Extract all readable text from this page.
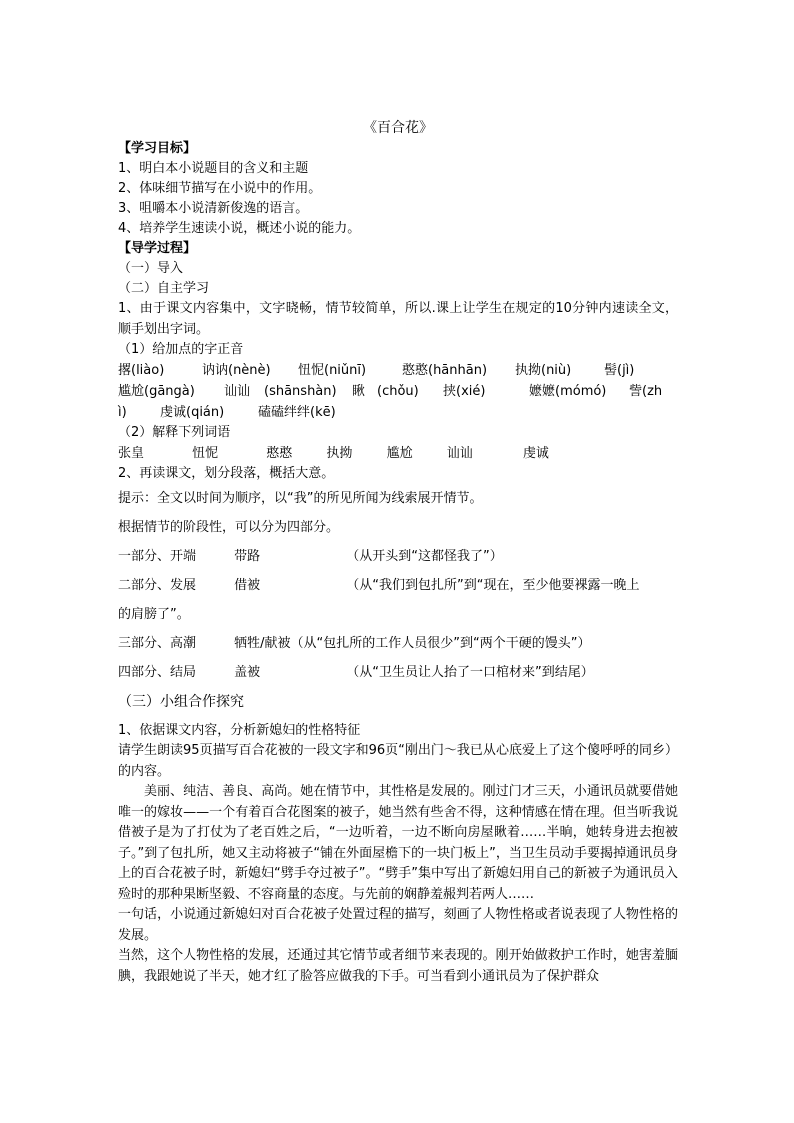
《百合花》
【学习目标】
1、明白本小说题目的含义和主题
2、体味细节描写在小说中的作用。
3、咀嚼本小说清新俊逸的语言。
4、培养学生速读小说，概述小说的能力。
【导学过程】
（一）导入
（二）自主学习
1、由于课文内容集中，文字晓畅，情节较简单，所以.课上让学生在规定的10分钟内速读全文，顺手划出字词。
（1）给加点的字正音
撂(liào)	讷讷(nènè)	忸怩(niǔnī)	憨憨(hānhān)	执拗(niù)	髻(jì)
尴尬(gāngà)	讪讪	(shānshàn)	瞅 (chǒu)	挟(xié)	嬷嬷(mómó)	訾(zh
ì)	虔诚(qián)	磕磕绊绊(kē)
（2）解释下列词语
张皇	忸怩	憨憨	执拗	尴尬	讪讪	虔诚
2、再读课文，划分段落，概括大意。
提示：全文以时间为顺序，以“我”的所见所闻为线索展开情节。
根据情节的阶段性，可以分为四部分。
一部分、开端	带路	（从开头到“这都怪我了”）
二部分、发展	借被	（从“我们到包扎所”到“现在，至少他要裸露一晚上
的肩膀了”。
三部分、高潮	牺牲/献被（从“包扎所的工作人员很少”到“两个干硬的馒头”）
四部分、结局	盖被	（从“卫生员让人抬了一口棺材来”到结尾）
（三）小组合作探究
1、依据课文内容，分析新媳妇的性格特征
请学生朗读95页描写百合花被的一段文字和96页“刚出门～我已从心底爱上了这个傻呼呼的同乡）的内容。
美丽、纯洁、善良、高尚。她在情节中，其性格是发展的。刚过门才三天，小通讯员就要借她唯一的嫁妆——一个有着百合花图案的被子，她当然有些舍不得，这种情感在情在理。但当听我说借被子是为了打仗为了老百姓之后，“一边听着，一边不断向房屋瞅着……半晌，她转身进去抱被子。”到了包扎所，她又主动将被子“铺在外面屋檐下的一块门板上”，当卫生员动手要揭掉通讯员身上的百合花被子时，新媳妇“劈手夺过被子”。“劈手”集中写出了新媳妇用自己的新被子为通讯员入殓时的那种果断坚毅、不容商量的态度。与先前的娴静羞赧判若两人……
一句话，小说通过新媳妇对百合花被子处置过程的描写，刻画了人物性格或者说表现了人物性格的发展。
当然，这个人物性格的发展，还通过其它情节或者细节来表现的。刚开始做救护工作时，她害羞腼腆，我跟她说了半天，她才红了脸答应做我的下手。可当看到小通讯员为了保护群众
